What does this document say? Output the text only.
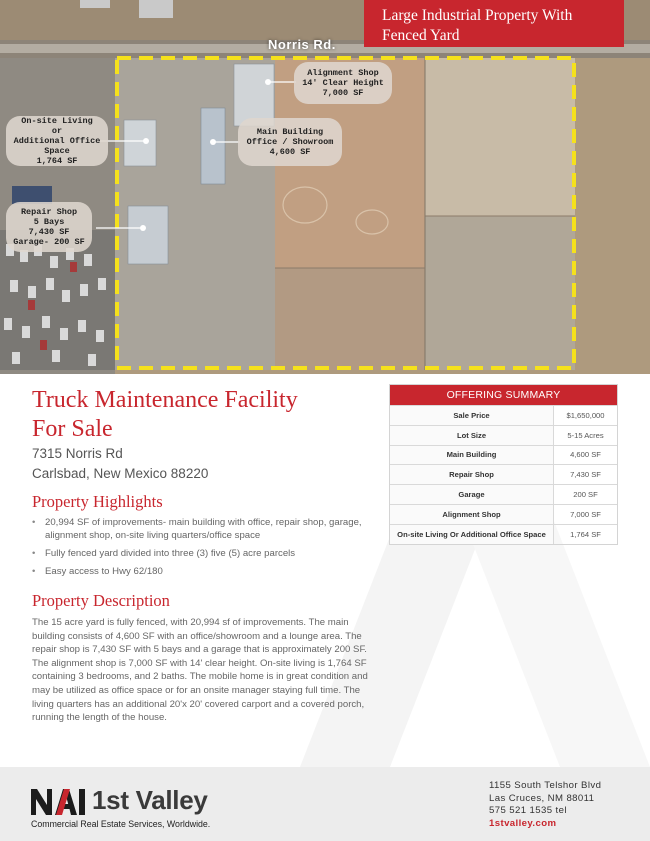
Large Industrial Property With
Fenced Yard
Norris Rd.
Alignment Shop
14' Clear Height
7,000 SF
Main Building
Office / Showroom
4,600 SF
On-site Living
or
Additional Office Space
1,764 SF
Repair Shop
5 Bays
7,430 SF
Garage- 200 SF
Truck Maintenance Facility
For Sale
7315 Norris Rd
Carlsbad, New Mexico 88220
Property Highlights
• 20,994 SF of improvements- main building with office, repair shop, garage, alignment shop, on-site living quarters/office space
• Fully fenced yard divided into three (3) five (5) acre parcels
• Easy access to Hwy 62/180
Property Description

The 15 acre yard is fully fenced, with 20,994 sf of improvements. The main building consists of 4,600 SF with an office/showroom and a lounge area. The repair shop is 7,430 SF with 5 bays and a garage that is approximately 200 SF. The alignment shop is 7,000 SF with 14' clear height. On-site living is 1,764 SF containing 3 bedrooms, and 2 baths. The mobile home is in great condition and may be utilized as office space or for an onsite manager staying full time. The living quarters has an additional 20'x 20' covered carport and a covered porch, running the length of the house.

OFFERING SUMMARY
Sale Price	$1,650,000
Lot Size	5-15 Acres
Main Building	4,600 SF
Repair Shop	7,430 SF
Garage	200 SF
Alignment Shop	7,000 SF
On-site Living Or Additional Office Space	1,764 SF
1st Valley
Commercial Real Estate Services, Worldwide.
1155 South Telshor Blvd
Las Cruces, NM 88011
575 521 1535 tel
1stvalley.com
